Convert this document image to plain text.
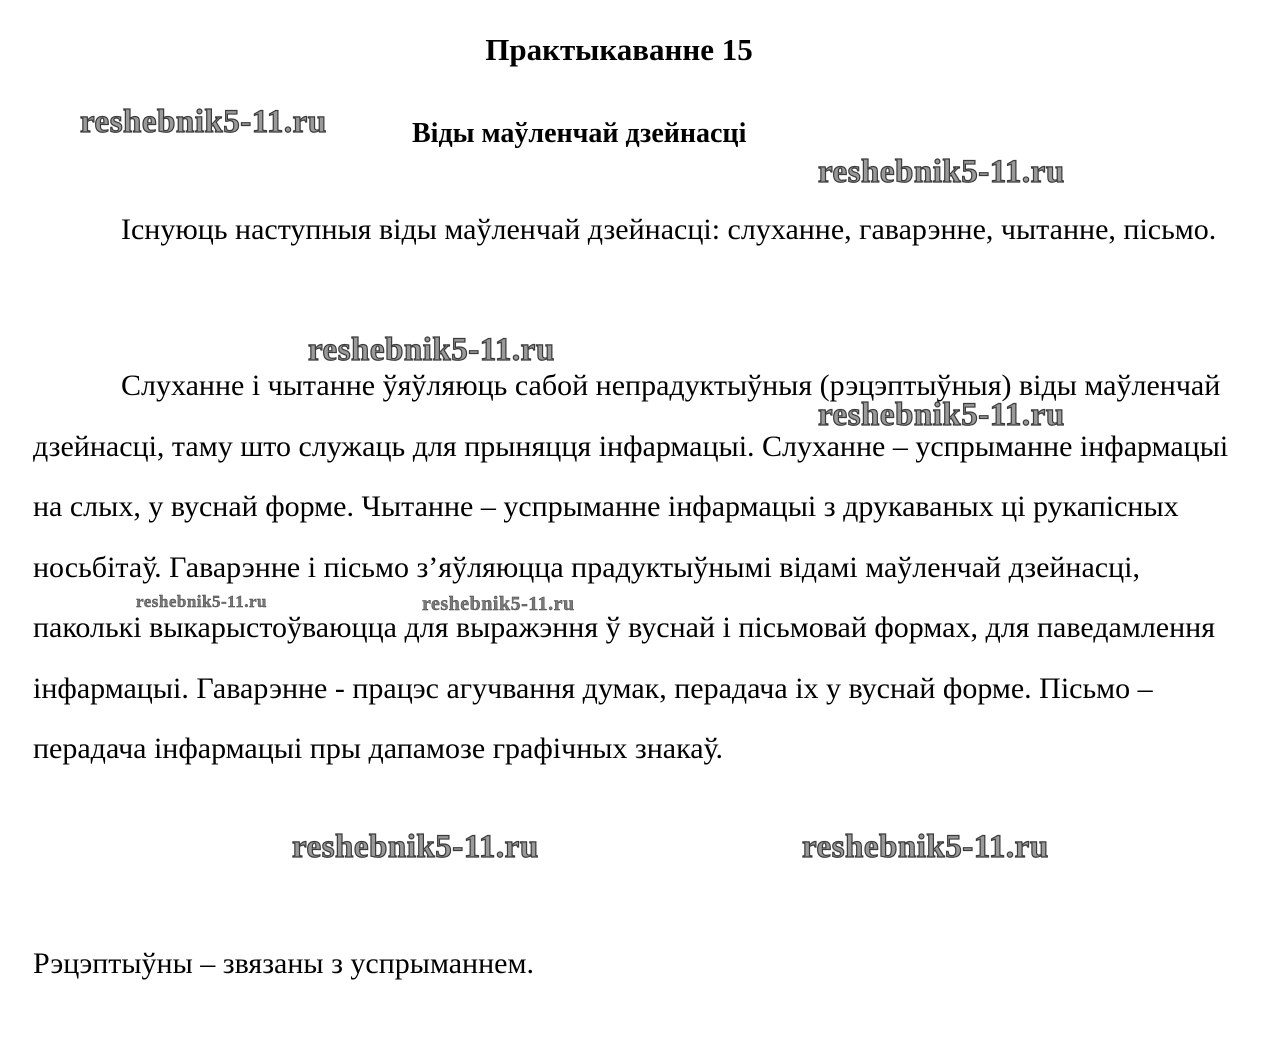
Практыкаванне 15
Віды маўленчай дзейнасці

Існуюць наступныя віды маўленчай дзейнасці: слуханне, гаварэнне, чытанне, пісьмо.

Слуханне і чытанне ўяўляюць сабой непрадуктыўныя (рэцэптыўныя) віды маўленчай дзейнасці, таму што служаць для прыняцця інфармацыі. Слуханне – успрыманне інфармацыі на слых, у вуснай форме. Чытанне – успрыманне інфармацыі з друкаваных ці рукапісных носьбітаў. Гаварэнне і пісьмо з’яўляюцца прадуктыўнымі відамі маўленчай дзейнасці, паколькі выкарыстоўваюцца для выражэння ў вуснай і пісьмовай формах, для паведамлення інфармацыі. Гаварэнне - працэс агучвання думак, перадача іх у вуснай форме. Пісьмо – перадача інфармацыі пры дапамозе графічных знакаў.

Рэцэптыўны – звязаны з успрыманнем.

reshebnik5-11.ru
reshebnik5-11.ru
reshebnik5-11.ru
reshebnik5-11.ru
reshebnik5-11.ru	reshebnik5-11.ru
reshebnik5-11.ru	reshebnik5-11.ru
